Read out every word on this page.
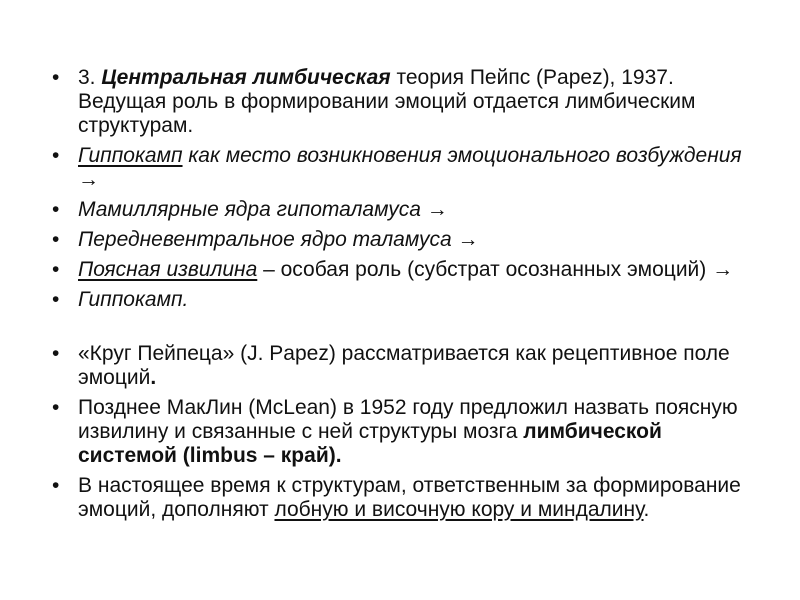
• 3. Центральная лимбическая теория Пейпс (Papez), 1937. Ведущая роль в формировании эмоций отдается лимбическим структурам.
• Гиппокамп как место возникновения эмоционального возбуждения →
• Мамиллярные ядра гипоталамуса →
• Передневентральное ядро таламуса →
• Поясная извилина – особая роль (субстрат осознанных эмоций) →
• Гиппокамп.
• «Круг Пейпеца» (J. Papez) рассматривается как рецептивное поле эмоций.
• Позднее МакЛин (McLean) в 1952 году предложил назвать поясную извилину и связанные с ней структуры мозга лимбической системой (limbus – край).
• В настоящее время к структурам, ответственным за формирование эмоций, дополняют лобную и височную кору и миндалину.
